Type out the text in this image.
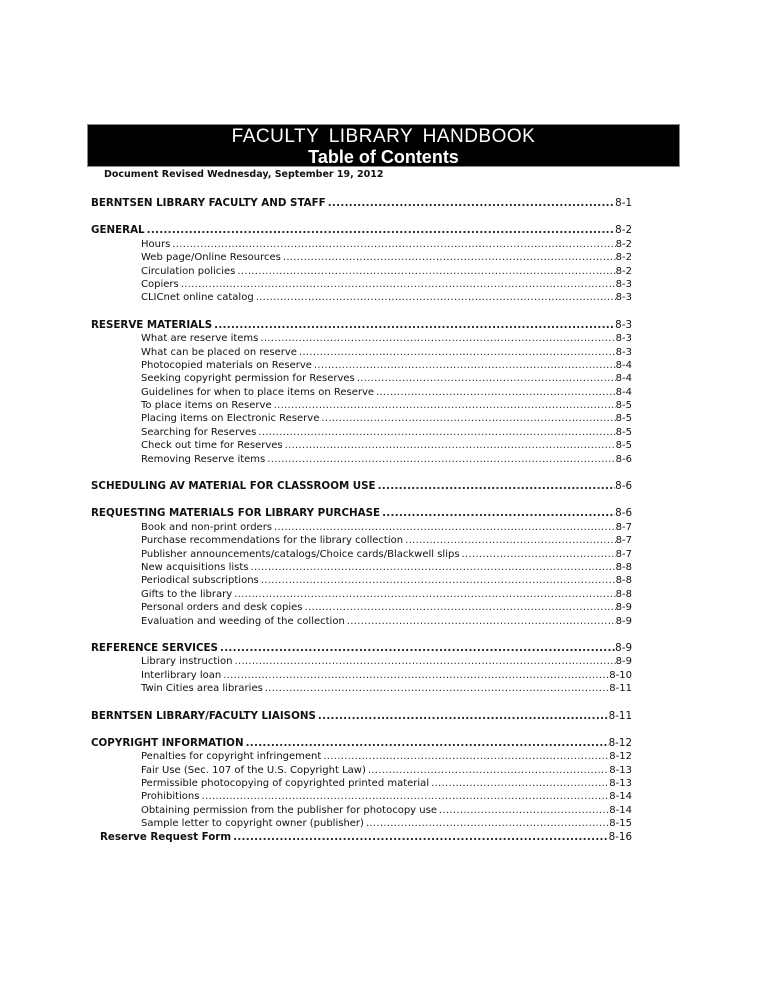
FACULTY LIBRARY HANDBOOK
Table of Contents
Document Revised Wednesday, September 19, 2012
BERNTSEN LIBRARY FACULTY AND STAFF .....	8-1
GENERAL .....	8-2
Hours .....	8-2
Web page/Online Resources .....	8-2
Circulation policies .....	8-2
Copiers .....	8-3
CLICnet online catalog .....	8-3
RESERVE MATERIALS .....	8-3
What are reserve items .....	8-3
What can be placed on reserve .....	8-3
Photocopied materials on Reserve .....	8-4
Seeking copyright permission for Reserves .....	8-4
Guidelines for when to place items on Reserve .....	8-4
To place items on Reserve .....	8-5
Placing items on Electronic Reserve .....	8-5
Searching for Reserves .....	8-5
Check out time for Reserves .....	8-5
Removing Reserve items .....	8-6
SCHEDULING AV MATERIAL FOR CLASSROOM USE .....	8-6
REQUESTING MATERIALS FOR LIBRARY PURCHASE .....	8-6
Book and non-print orders .....	8-7
Purchase recommendations for the library collection .....	8-7
Publisher announcements/catalogs/Choice cards/Blackwell slips .....	8-7
New acquisitions lists .....	8-8
Periodical subscriptions .....	8-8
Gifts to the library .....	8-8
Personal orders and desk copies .....	8-9
Evaluation and weeding of the collection .....	8-9
REFERENCE SERVICES .....	8-9
Library instruction .....	8-9
Interlibrary loan .....	8-10
Twin Cities area libraries .....	8-11
BERNTSEN LIBRARY/FACULTY LIAISONS .....	8-11
COPYRIGHT INFORMATION .....	8-12
Penalties for copyright infringement .....	8-12
Fair Use (Sec. 107 of the U.S. Copyright Law) .....	8-13
Permissible photocopying of copyrighted printed material .....	8-13
Prohibitions .....	8-14
Obtaining permission from the publisher for photocopy use .....	8-14
Sample letter to copyright owner (publisher) .....	8-15
Reserve Request Form .....	8-16
